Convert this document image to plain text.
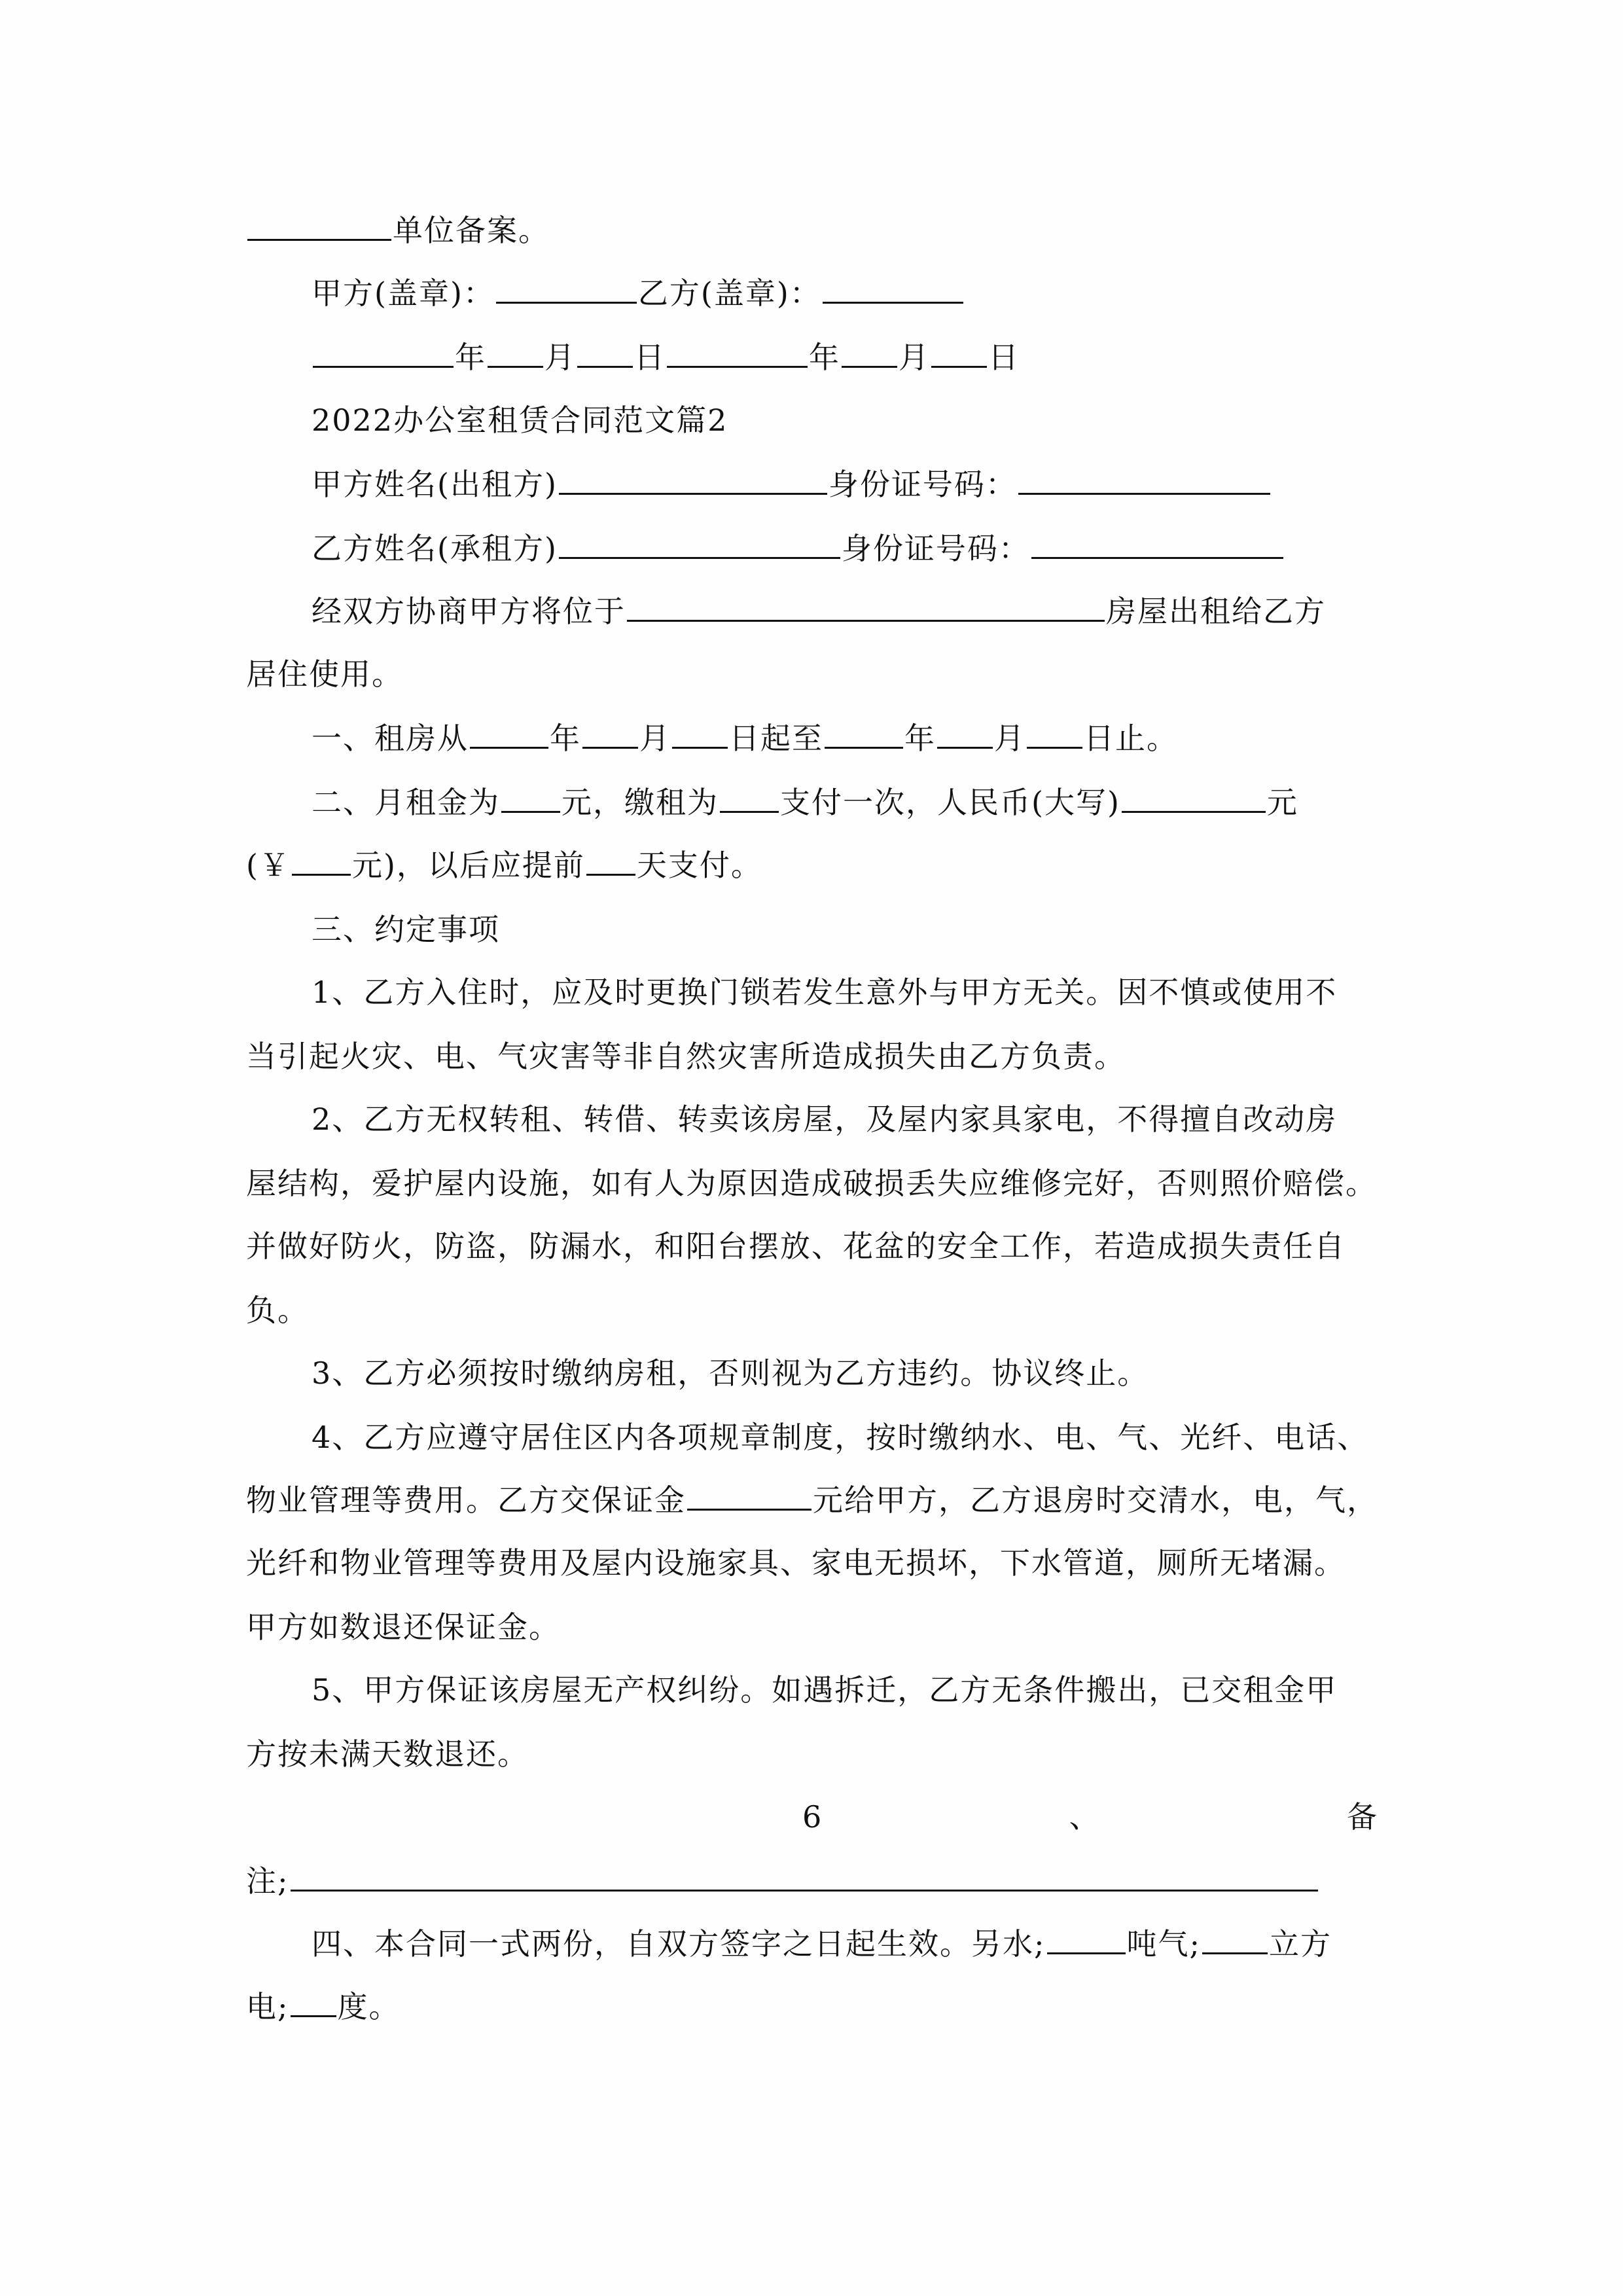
单位备案。
甲方(盖章)：	乙方(盖章)：
年 月 日	年 月 日
2022办公室租赁合同范文篇2
甲方姓名(出租方)	身份证号码：
乙方姓名(承租方)	身份证号码：
经双方协商甲方将位于	房屋出租给乙方
居住使用。
一、租房从	年 月 日起至	年 月 日止。
二、月租金为 元，缴租为 支付一次，人民币(大写)	元
(￥ 元)，以后应提前 天支付。
三、约定事项
1、乙方入住时，应及时更换门锁若发生意外与甲方无关。因不慎或使用不
当引起火灾、电、气灾害等非自然灾害所造成损失由乙方负责。
2、乙方无权转租、转借、转卖该房屋，及屋内家具家电，不得擅自改动房
屋结构，爱护屋内设施，如有人为原因造成破损丢失应维修完好，否则照价赔偿。
并做好防火，防盗，防漏水，和阳台摆放、花盆的安全工作，若造成损失责任自
负。
3、乙方必须按时缴纳房租，否则视为乙方违约。协议终止。
4、乙方应遵守居住区内各项规章制度，按时缴纳水、电、气、光纤、电话、
物业管理等费用。乙方交保证金	元给甲方，乙方退房时交清水，电，气，
光纤和物业管理等费用及屋内设施家具、家电无损坏，下水管道，厕所无堵漏。
甲方如数退还保证金。
5、甲方保证该房屋无产权纠纷。如遇拆迁，乙方无条件搬出，已交租金甲
方按未满天数退还。
注;
四、本合同一式两份，自双方签字之日起生效。另水;	吨气; 立方
电; 度。
6	、	备
